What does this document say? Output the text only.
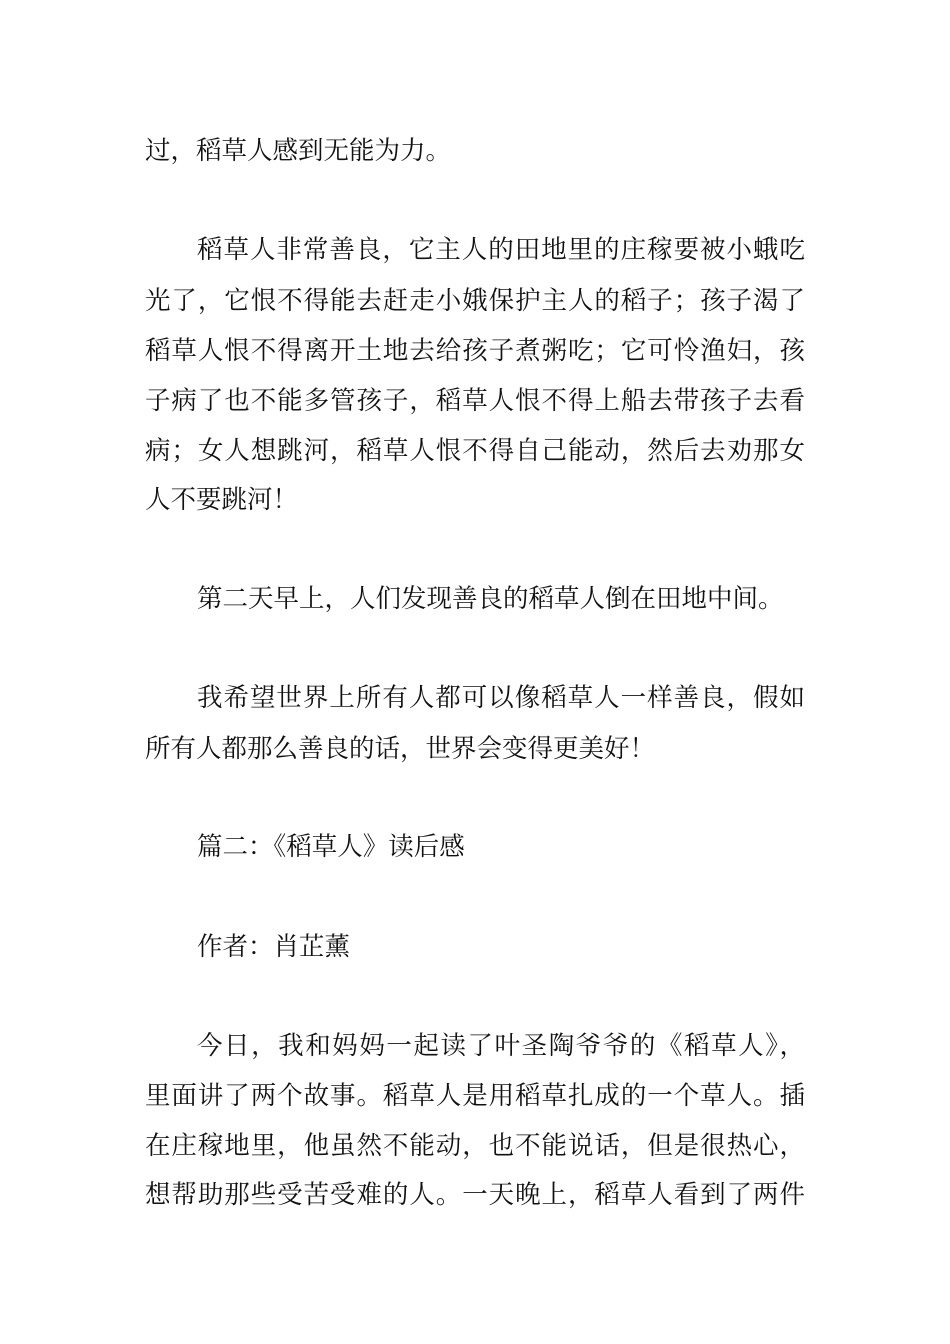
过，稻草人感到无能为力。
稻草人非常善良，它主人的田地里的庄稼要被小蛾吃
光了，它恨不得能去赶走小娥保护主人的稻子；孩子渴了
稻草人恨不得离开土地去给孩子煮粥吃；它可怜渔妇，孩
子病了也不能多管孩子，稻草人恨不得上船去带孩子去看
病；女人想跳河，稻草人恨不得自己能动，然后去劝那女
人不要跳河！
第二天早上，人们发现善良的稻草人倒在田地中间。
我希望世界上所有人都可以像稻草人一样善良，假如
所有人都那么善良的话，世界会变得更美好！
篇二：《稻草人》读后感
作者：肖芷薰
今日，我和妈妈一起读了叶圣陶爷爷的《稻草人》，
里面讲了两个故事。稻草人是用稻草扎成的一个草人。插
在庄稼地里，他虽然不能动，也不能说话，但是很热心，
想帮助那些受苦受难的人。一天晚上，稻草人看到了两件
